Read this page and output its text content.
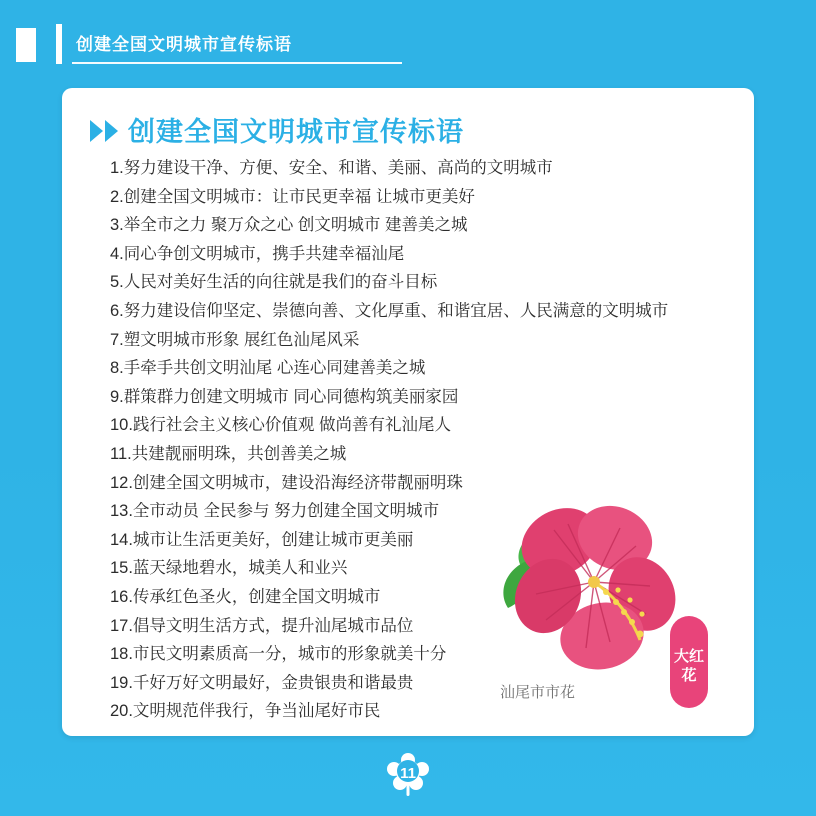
创建全国文明城市宣传标语
创建全国文明城市宣传标语
1.努力建设干净、方便、安全、和谐、美丽、高尚的文明城市
2.创建全国文明城市：让市民更幸福 让城市更美好
3.举全市之力 聚万众之心 创文明城市 建善美之城
4.同心争创文明城市，携手共建幸福汕尾
5.人民对美好生活的向往就是我们的奋斗目标
6.努力建设信仰坚定、崇德向善、文化厚重、和谐宜居、人民满意的文明城市
7.塑文明城市形象 展红色汕尾风采
8.手牵手共创文明汕尾 心连心同建善美之城
9.群策群力创建文明城市 同心同德构筑美丽家园
10.践行社会主义核心价值观 做尚善有礼汕尾人
11.共建靓丽明珠，共创善美之城
12.创建全国文明城市，建设沿海经济带靓丽明珠
13.全市动员 全民参与 努力创建全国文明城市
14.城市让生活更美好，创建让城市更美丽
15.蓝天绿地碧水，城美人和业兴
16.传承红色圣火，创建全国文明城市
17.倡导文明生活方式，提升汕尾城市品位
18.市民文明素质高一分，城市的形象就美十分
19.千好万好文明最好，金贵银贵和谐最贵
20.文明规范伴我行，争当汕尾好市民
大红花
汕尾市市花
11
